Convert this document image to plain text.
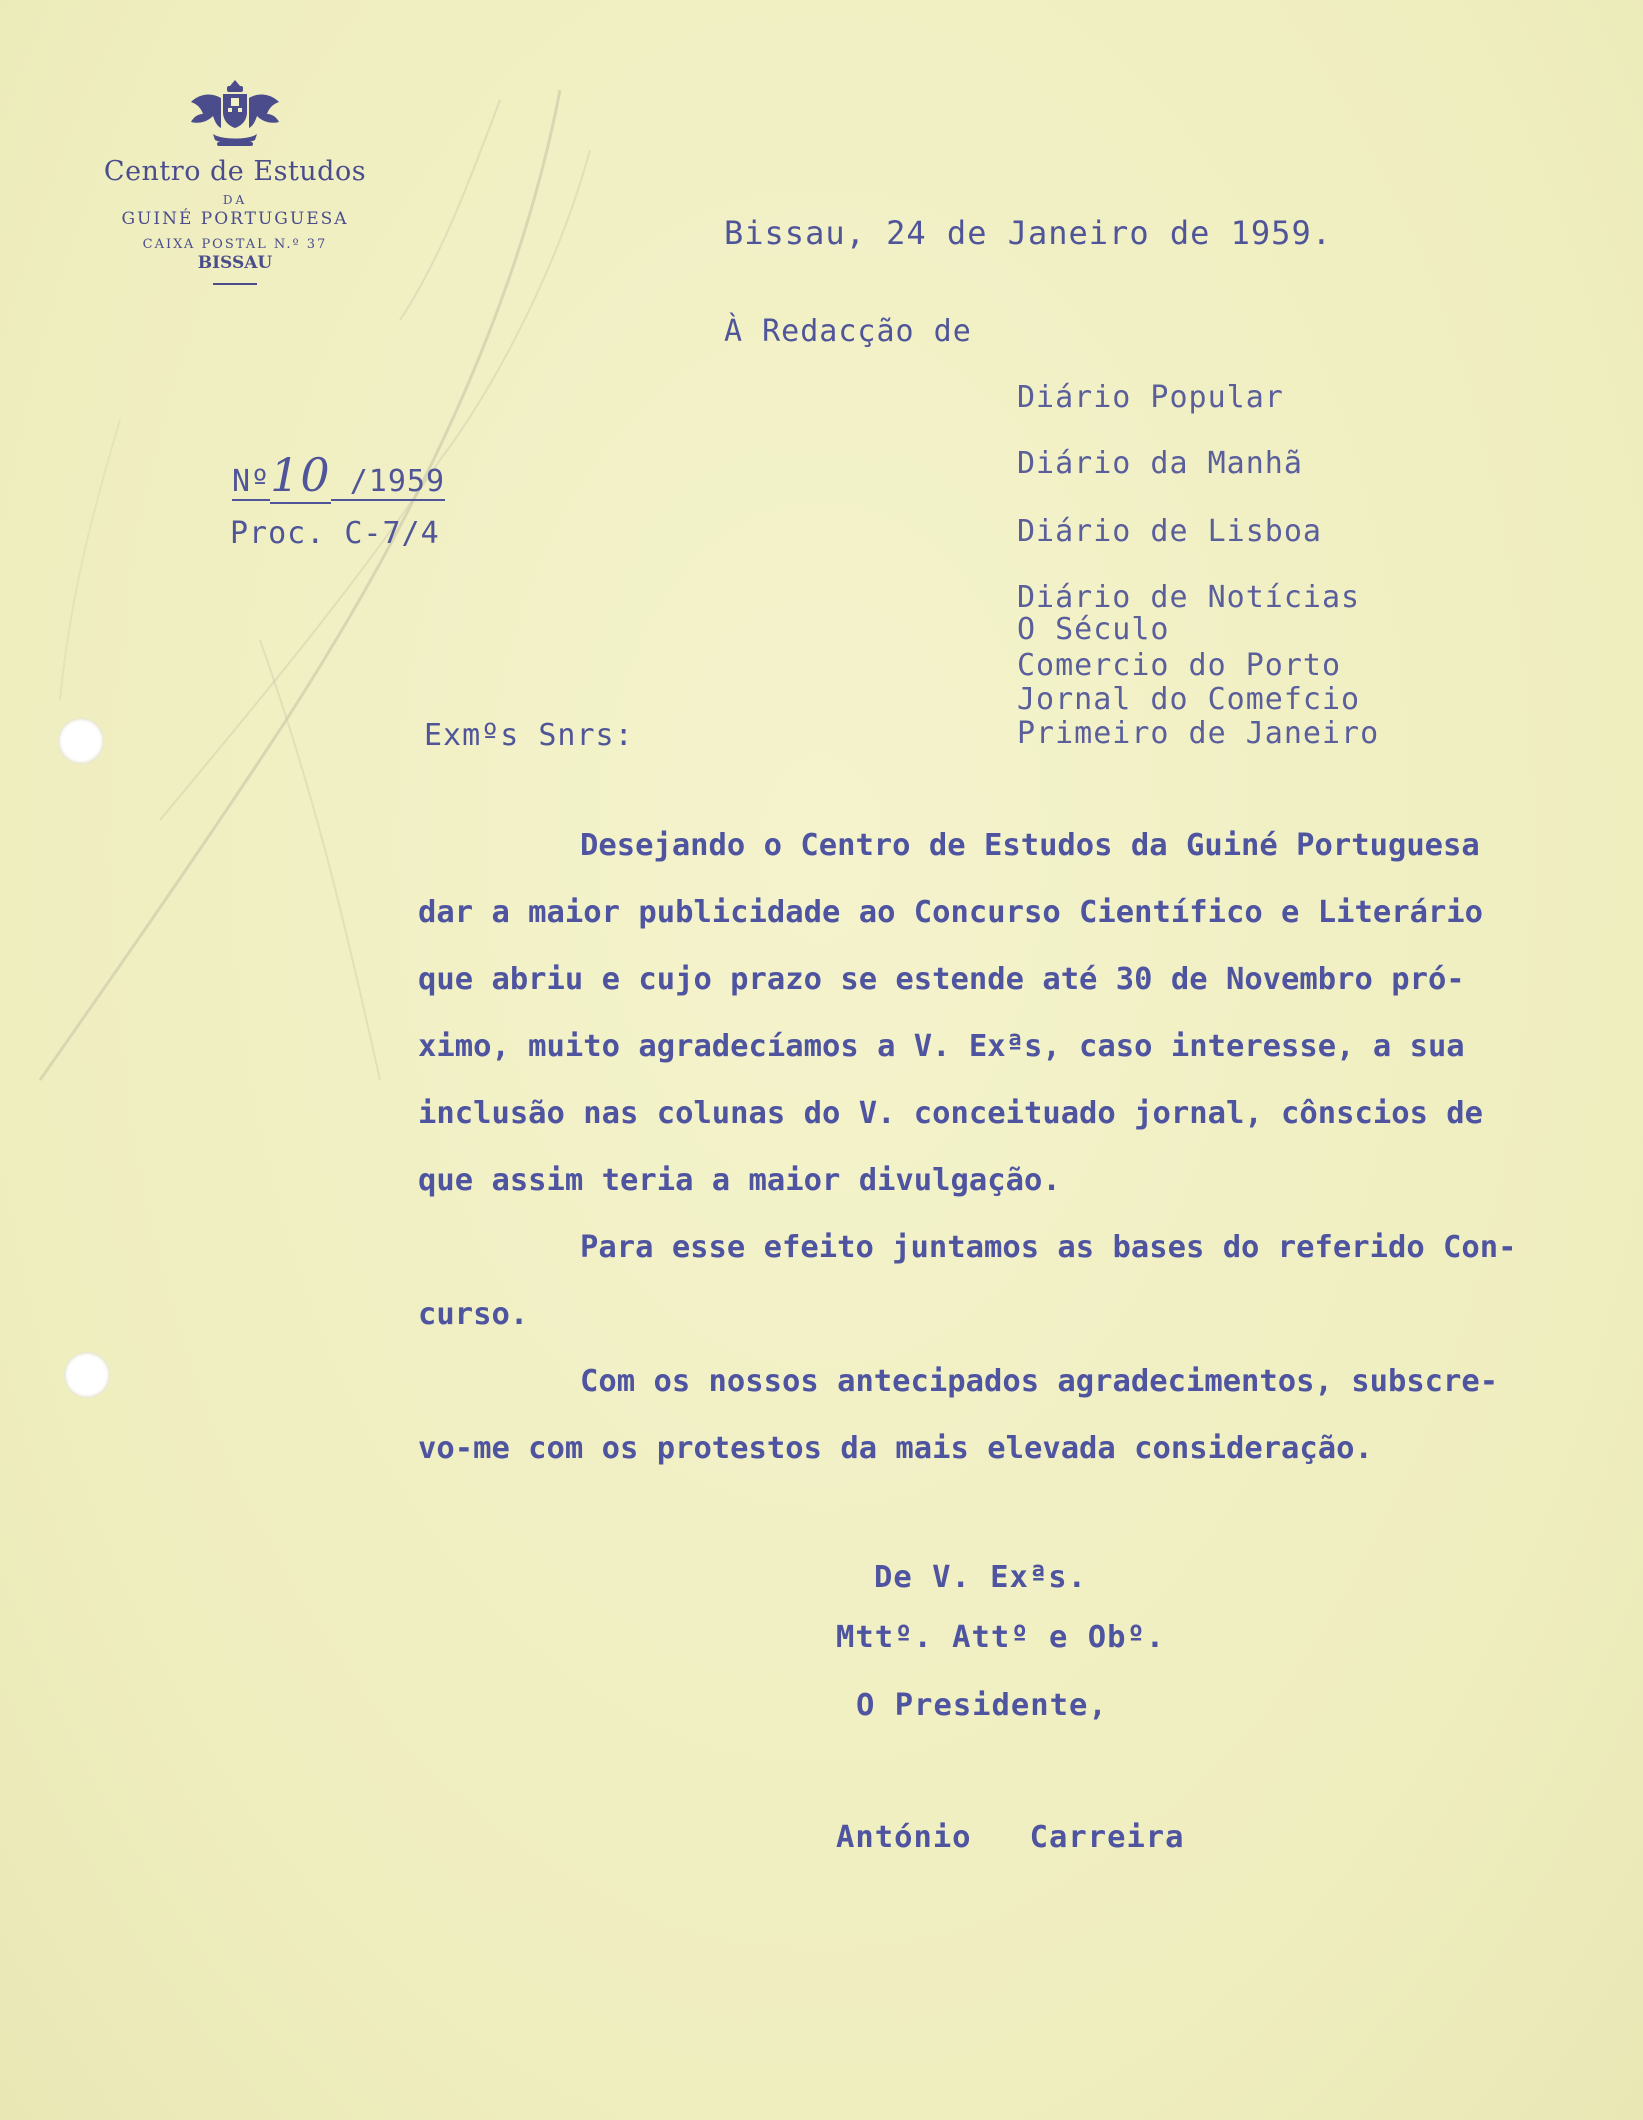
Centro de Estudos
DA
GUINÉ PORTUGUESA
CAIXA POSTAL N.º 37
BISSAU
Bissau, 24 de Janeiro de 1959.
À Redacção de
Diário Popular
Diário da Manhã
Diário de Lisboa
Diário de Notícias
O Século
Comercio do Porto
Jornal do Comefcio
Primeiro de Janeiro
Nº10 /1959
Proc. C-7/4
Exmºs Snrs:

Desejando o Centro de Estudos da Guiné Portuguesa
dar a maior publicidade ao Concurso Científico e Literário
que abriu e cujo prazo se estende até 30 de Novembro pró-
ximo, muito agradecíamos a V. Exªs, caso interesse, a sua
inclusão nas colunas do V. conceituado jornal, cônscios de
que assim teria a maior divulgação.

Para esse efeito juntamos as bases do referido Con-
curso.

Com os nossos antecipados agradecimentos, subscre-
vo-me com os protestos da mais elevada consideração.

De V. Exªs.
Mttº. Attº e Obº.
O Presidente,
António   Carreira
